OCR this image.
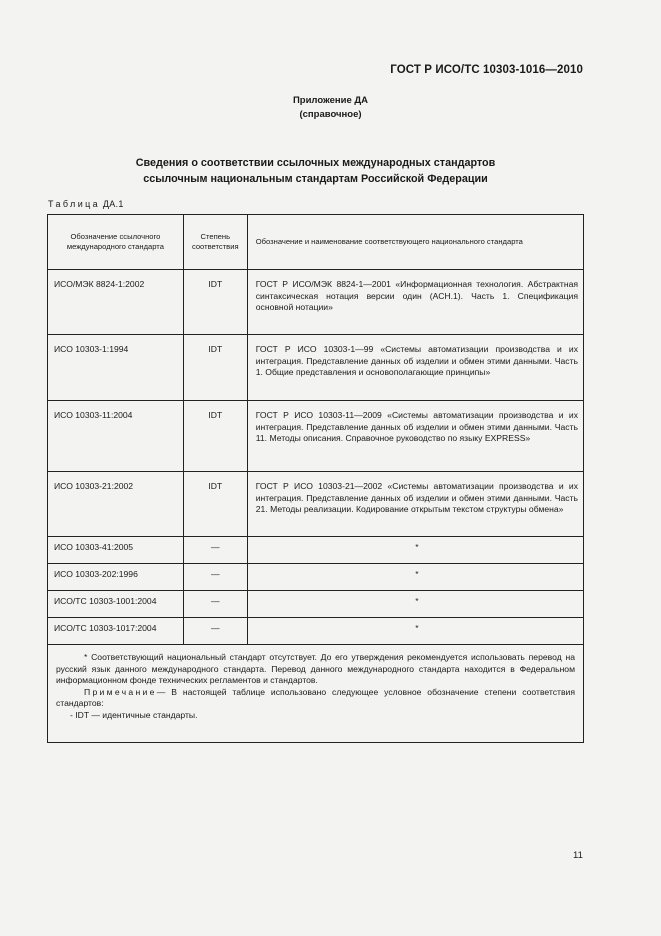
ГОСТ Р ИСО/ТС 10303-1016—2010
Приложение ДА
(справочное)
Сведения о соответствии ссылочных международных стандартов
ссылочным национальным стандартам Российской Федерации
Таблица ДА.1
Обозначение ссылочного международного стандарта	Степень соответствия	Обозначение и наименование соответствующего национального стандарта
ИСО/МЭК 8824-1:2002	IDT	ГОСТ Р ИСО/МЭК 8824-1—2001 «Информационная технология. Абстрактная синтаксическая нотация версии один (АСН.1). Часть 1. Спецификация основной нотации»
ИСО 10303-1:1994	IDT	ГОСТ Р ИСО 10303-1—99 «Системы автоматизации производства и их интеграция. Представление данных об изделии и обмен этими данными. Часть 1. Общие представления и основополагающие принципы»
ИСО 10303-11:2004	IDT	ГОСТ Р ИСО 10303-11—2009 «Системы автоматизации производства и их интеграция. Представление данных об изделии и обмен этими данными. Часть 11. Методы описания. Справочное руководство по языку EXPRESS»
ИСО 10303-21:2002	IDT	ГОСТ Р ИСО 10303-21—2002 «Системы автоматизации производства и их интеграция. Представление данных об изделии и обмен этими данными. Часть 21. Методы реализации. Кодирование открытым текстом структуры обмена»
ИСО 10303-41:2005	—	*
ИСО 10303-202:1996	—	*
ИСО/ТС 10303-1001:2004	—	*
ИСО/ТС 10303-1017:2004	—	*

* Соответствующий национальный стандарт отсутствует. До его утверждения рекомендуется использовать перевод на русский язык данного международного стандарта. Перевод данного международного стандарта находится в Федеральном информационном фонде технических регламентов и стандартов.

Примечание— В настоящей таблице использовано следующее условное обозначение степени соответствия стандартов:

- IDT — идентичные стандарты.		

11
